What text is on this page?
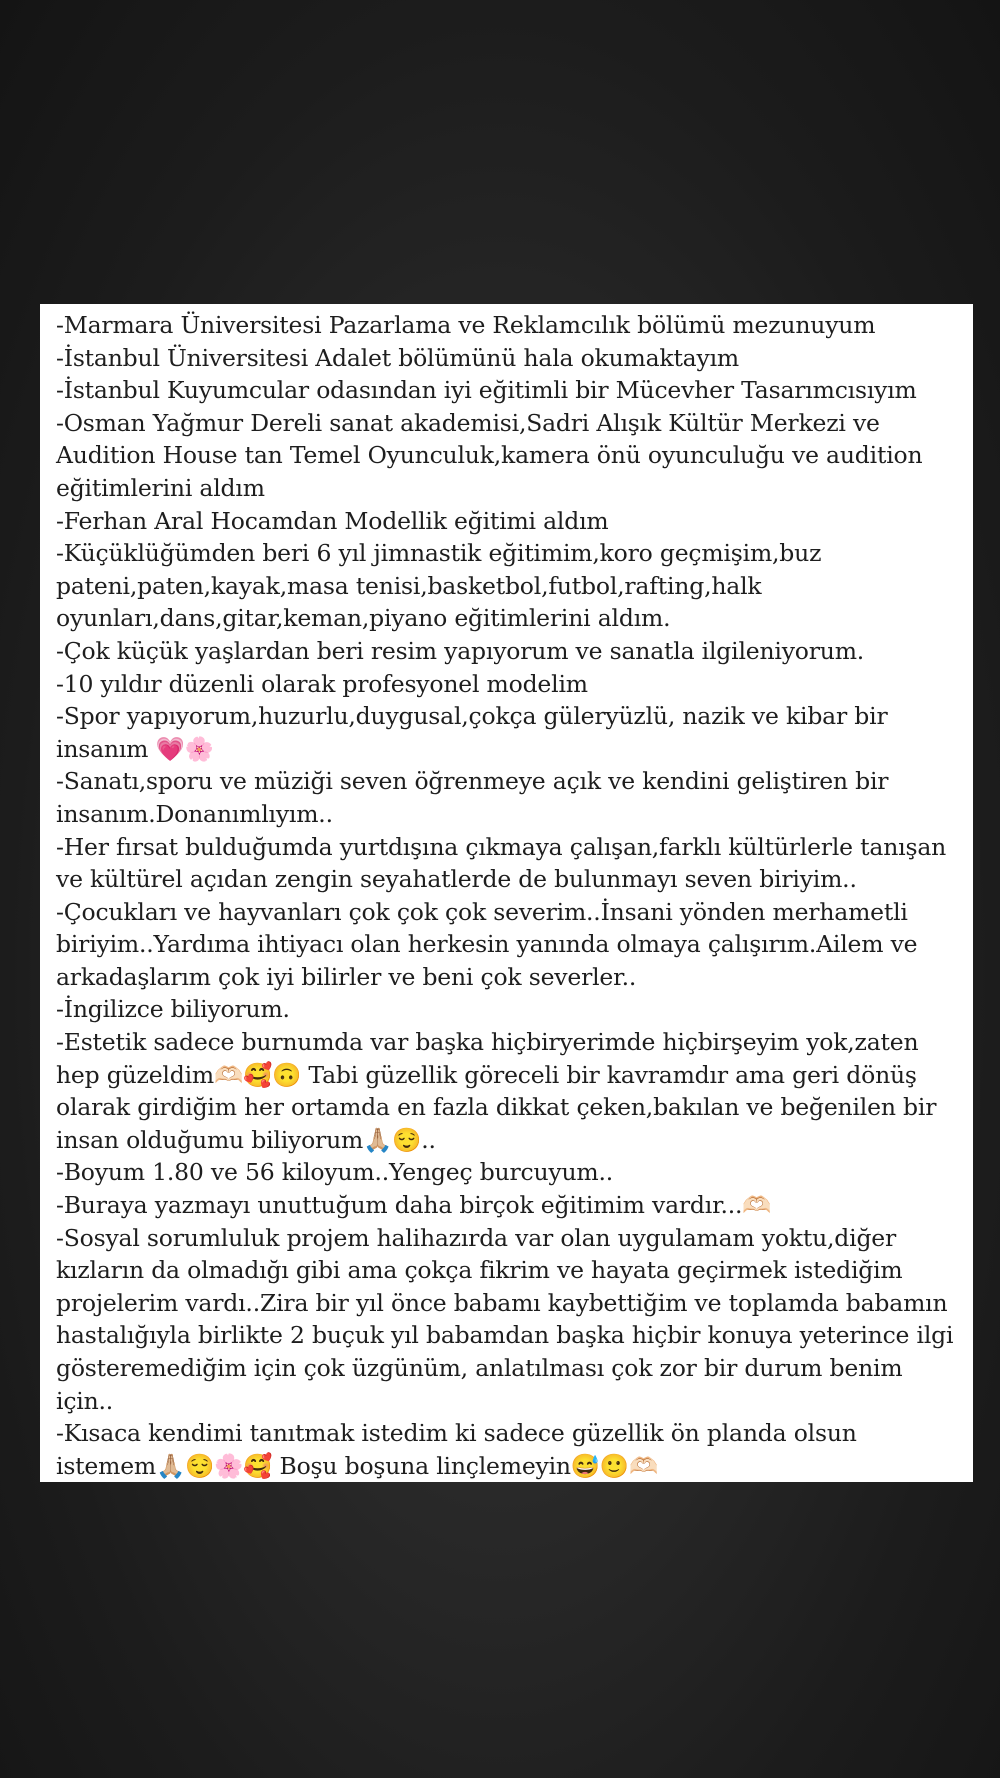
-Marmara Üniversitesi Pazarlama ve Reklamcılık bölümü mezunuyum
-İstanbul Üniversitesi Adalet bölümünü hala okumaktayım
-İstanbul Kuyumcular odasından iyi eğitimli bir Mücevher Tasarımcısıyım
-Osman Yağmur Dereli sanat akademisi,Sadri Alışık Kültür Merkezi ve
Audition House tan Temel Oyunculuk,kamera önü oyunculuğu ve audition
eğitimlerini aldım
-Ferhan Aral Hocamdan Modellik eğitimi aldım
-Küçüklüğümden beri 6 yıl jimnastik eğitimim,koro geçmişim,buz
pateni,paten,kayak,masa tenisi,basketbol,futbol,rafting,halk
oyunları,dans,gitar,keman,piyano eğitimlerini aldım.
-Çok küçük yaşlardan beri resim yapıyorum ve sanatla ilgileniyorum.
-10 yıldır düzenli olarak profesyonel modelim
-Spor yapıyorum,huzurlu,duygusal,çokça güleryüzlü, nazik ve kibar bir
insanım 💗🌸
-Sanatı,sporu ve müziği seven öğrenmeye açık ve kendini geliştiren bir
insanım.Donanımlıyım..
-Her fırsat bulduğumda yurtdışına çıkmaya çalışan,farklı kültürlerle tanışan
ve kültürel açıdan zengin seyahatlerde de bulunmayı seven biriyim..
-Çocukları ve hayvanları çok çok çok severim..İnsani yönden merhametli
biriyim..Yardıma ihtiyacı olan herkesin yanında olmaya çalışırım.Ailem ve
arkadaşlarım çok iyi bilirler ve beni çok severler..
-İngilizce biliyorum.
-Estetik sadece burnumda var başka hiçbiryerimde hiçbirşeyim yok,zaten
hep güzeldim🫶🏻🥰🙃 Tabi güzellik göreceli bir kavramdır ama geri dönüş
olarak girdiğim her ortamda en fazla dikkat çeken,bakılan ve beğenilen bir
insan olduğumu biliyorum🙏🏼😌..
-Boyum 1.80 ve 56 kiloyum..Yengeç burcuyum..
-Buraya yazmayı unuttuğum daha birçok eğitimim vardır...🫶🏻
-Sosyal sorumluluk projem halihazırda var olan uygulamam yoktu,diğer
kızların da olmadığı gibi ama çokça fikrim ve hayata geçirmek istediğim
projelerim vardı..Zira bir yıl önce babamı kaybettiğim ve toplamda babamın
hastalığıyla birlikte 2 buçuk yıl babamdan başka hiçbir konuya yeterince ilgi
gösteremediğim için çok üzgünüm, anlatılması çok zor bir durum benim
için..
-Kısaca kendimi tanıtmak istedim ki sadece güzellik ön planda olsun
istemem🙏🏼😌🌸🥰 Boşu boşuna linçlemeyin😅🙂🫶🏻
